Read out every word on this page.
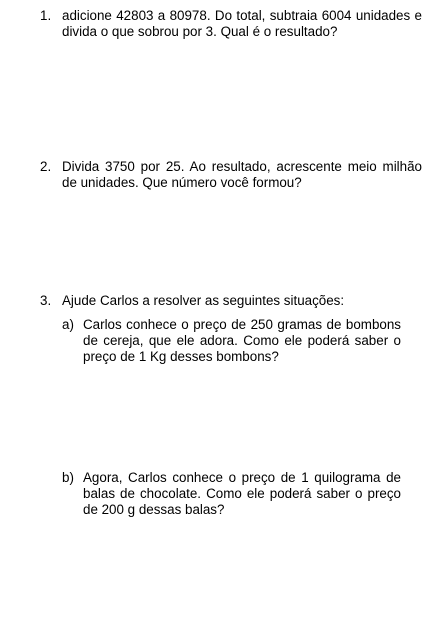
1. adicione 42803 a 80978. Do total, subtraia 6004 unidades e divida o que sobrou por 3. Qual é o resultado?
2. Divida 3750 por 25. Ao resultado, acrescente meio milhão de unidades. Que número você formou?
3. Ajude Carlos a resolver as seguintes situações:
a) Carlos conhece o preço de 250 gramas de bombons de cereja, que ele adora. Como ele poderá saber o preço de 1 Kg desses bombons?
b) Agora, Carlos conhece o preço de 1 quilograma de balas de chocolate. Como ele poderá saber o preço de 200 g dessas balas?
